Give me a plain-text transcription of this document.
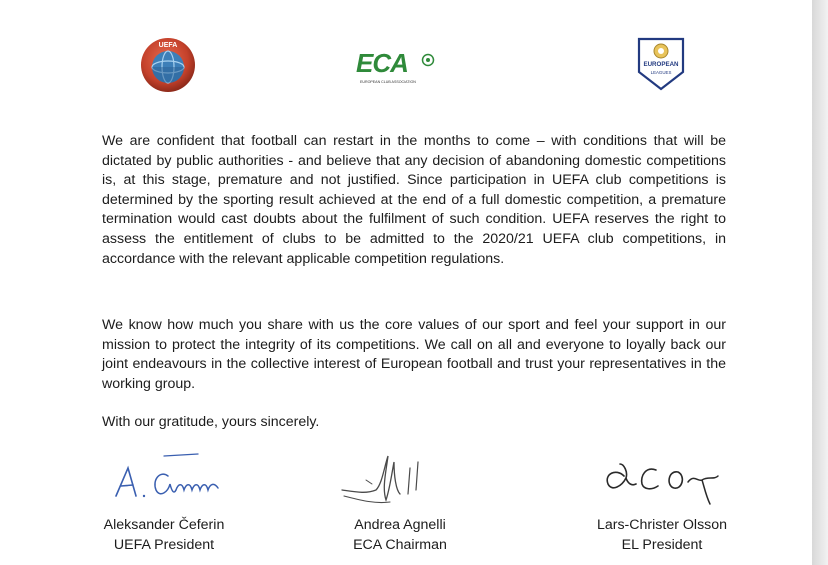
UEFA
ECA
EUROPEAN CLUB ASSOCIATION
EUROPEAN
LEAGUES

We are confident that football can restart in the months to come – with conditions that will be dictated by public authorities - and believe that any decision of abandoning domestic competitions is, at this stage, premature and not justified. Since participation in UEFA club competitions is determined by the sporting result achieved at the end of a full domestic competition, a premature termination would cast doubts about the fulfilment of such condition. UEFA reserves the right to assess the entitlement of clubs to be admitted to the 2020/21 UEFA club competitions, in accordance with the relevant applicable competition regulations.

We know how much you share with us the core values of our sport and feel your support in our mission to protect the integrity of its competitions. We call on all and everyone to loyally back our joint endeavours in the collective interest of European football and trust your representatives in the working group.

With our gratitude, yours sincerely.

Aleksander Čeferin
UEFA President
Andrea Agnelli
ECA Chairman
Lars-Christer Olsson
EL President
